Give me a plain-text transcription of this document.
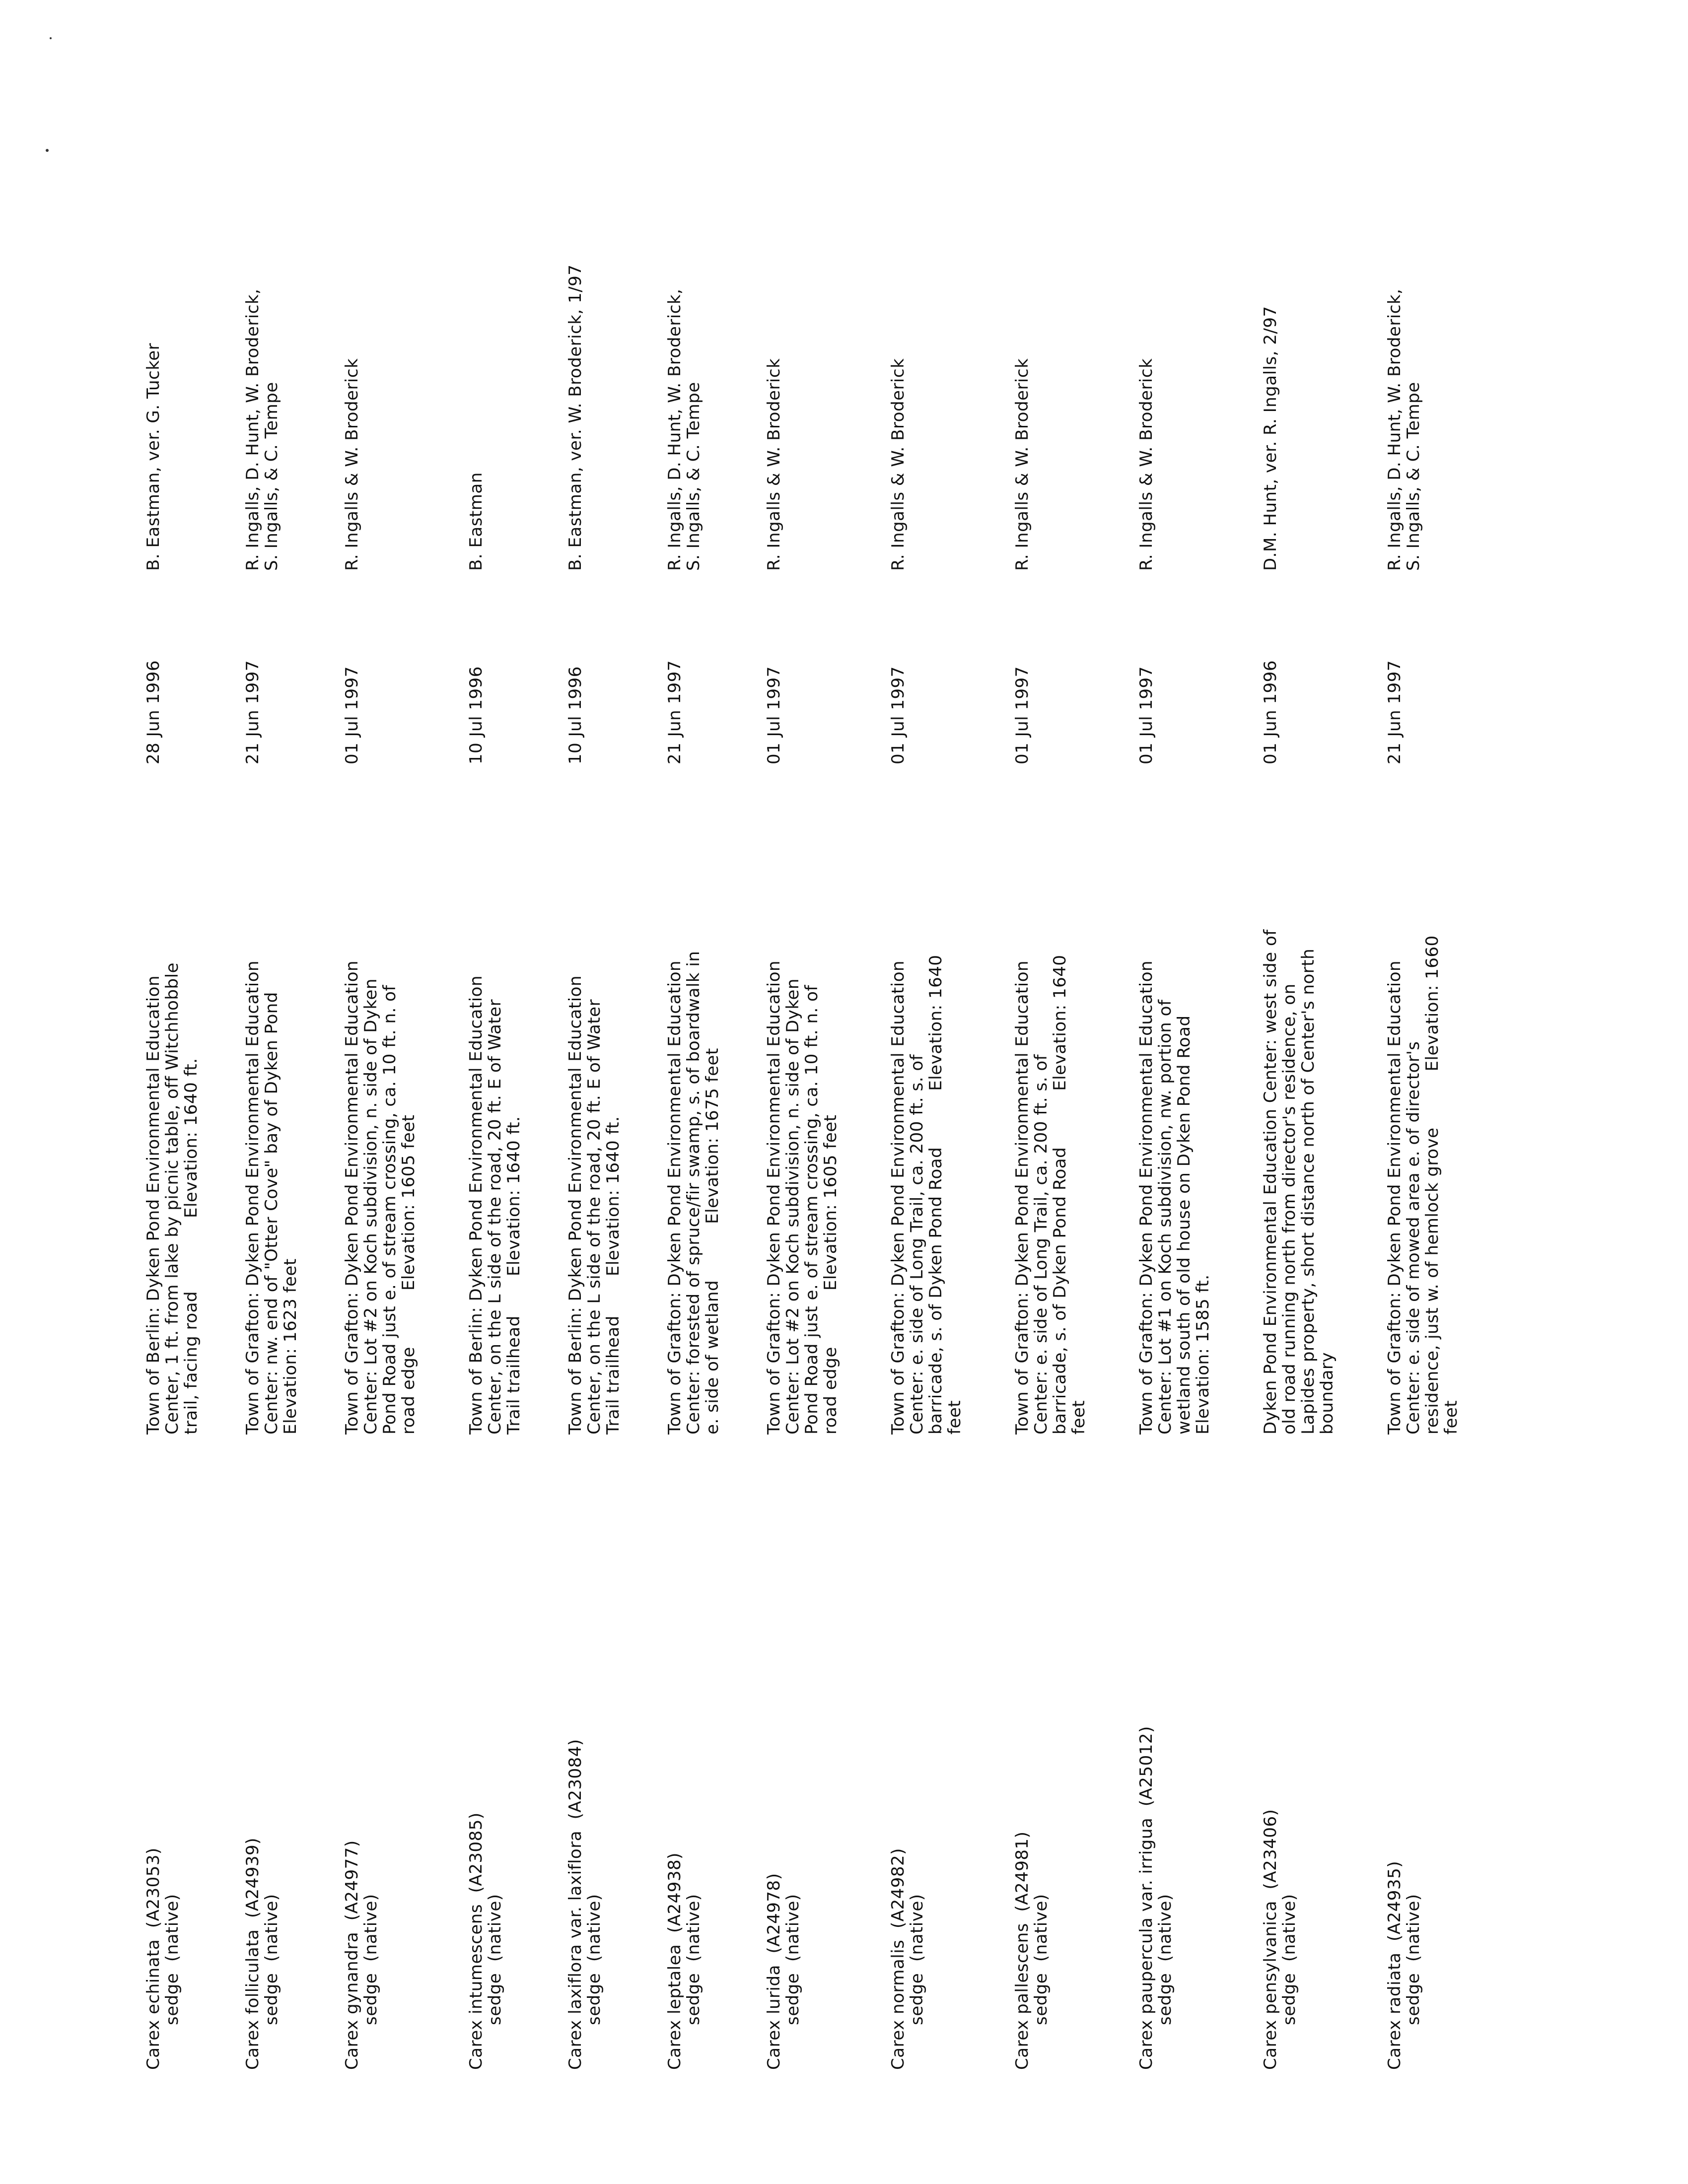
Carex echinata  (A23053)
sedge  (native)
Town of Berlin: Dyken Pond Environmental Education
Center, 1 ft. from lake by picnic table, off Witchhobble
trail, facing road             Elevation: 1640 ft.
28 Jun 1996
B. Eastman, ver. G. Tucker
Carex folliculata  (A24939)
sedge  (native)
Town of Grafton: Dyken Pond Environmental Education
Center: nw. end of "Otter Cove" bay of Dyken Pond
Elevation: 1623 feet
21 Jun 1997
R. Ingalls, D. Hunt, W. Broderick,
S. Ingalls, & C. Tempe
Carex gynandra  (A24977)
sedge  (native)
Town of Grafton: Dyken Pond Environmental Education
Center: Lot #2 on Koch subdivision, n. side of Dyken
Pond Road just e. of stream crossing, ca. 10 ft. n. of
road edge          Elevation: 1605 feet
01 Jul 1997
R. Ingalls & W. Broderick
Carex intumescens  (A23085)
sedge  (native)
Town of Berlin: Dyken Pond Environmental Education
Center, on the L side of the road, 20 ft. E of Water
Trail trailhead       Elevation: 1640 ft.
10 Jul 1996
B. Eastman
Carex laxiflora var. laxiflora  (A23084)
sedge  (native)
Town of Berlin: Dyken Pond Environmental Education
Center, on the L side of the road, 20 ft. E of Water
Trail trailhead       Elevation: 1640 ft.
10 Jul 1996
B. Eastman, ver. W. Broderick, 1/97
Carex leptalea  (A24938)
sedge  (native)
Town of Grafton: Dyken Pond Environmental Education
Center: forested of spruce/fir swamp, s. of boardwalk in
e. side of wetland          Elevation: 1675 feet
21 Jun 1997
R. Ingalls, D. Hunt, W. Broderick,
S. Ingalls, & C. Tempe
Carex lurida  (A24978)
sedge  (native)
Town of Grafton: Dyken Pond Environmental Education
Center: Lot #2 on Koch subdivision, n. side of Dyken
Pond Road just e. of stream crossing, ca. 10 ft. n. of
road edge          Elevation: 1605 feet
01 Jul 1997
R. Ingalls & W. Broderick
Carex normalis  (A24982)
sedge  (native)
Town of Grafton: Dyken Pond Environmental Education
Center: e. side of Long Trail, ca. 200 ft. s. of
barricade, s. of Dyken Pond Road          Elevation: 1640
feet
01 Jul 1997
R. Ingalls & W. Broderick
Carex pallescens  (A24981)
sedge  (native)
Town of Grafton: Dyken Pond Environmental Education
Center: e. side of Long Trail, ca. 200 ft. s. of
barricade, s. of Dyken Pond Road          Elevation: 1640
feet
01 Jul 1997
R. Ingalls & W. Broderick
Carex paupercula var. irrigua  (A25012)
sedge  (native)
Town of Grafton: Dyken Pond Environmental Education
Center: Lot #1 on Koch subdivision, nw. portion of
wetland south of old house on Dyken Pond Road
Elevation: 1585 ft.
01 Jul 1997
R. Ingalls & W. Broderick
Carex pensylvanica  (A23406)
sedge  (native)
Dyken Pond Environmental Education Center: west side of
old road running north from director's residence, on
Lapides property, short distance north of Center's north
boundary
01 Jun 1996
D.M. Hunt, ver. R. Ingalls, 2/97
Carex radiata  (A24935)
sedge  (native)
Town of Grafton: Dyken Pond Environmental Education
Center: e. side of mowed area e. of director's
residence, just w. of hemlock grove          Elevation: 1660
feet
21 Jun 1997
R. Ingalls, D. Hunt, W. Broderick,
S. Ingalls, & C. Tempe
